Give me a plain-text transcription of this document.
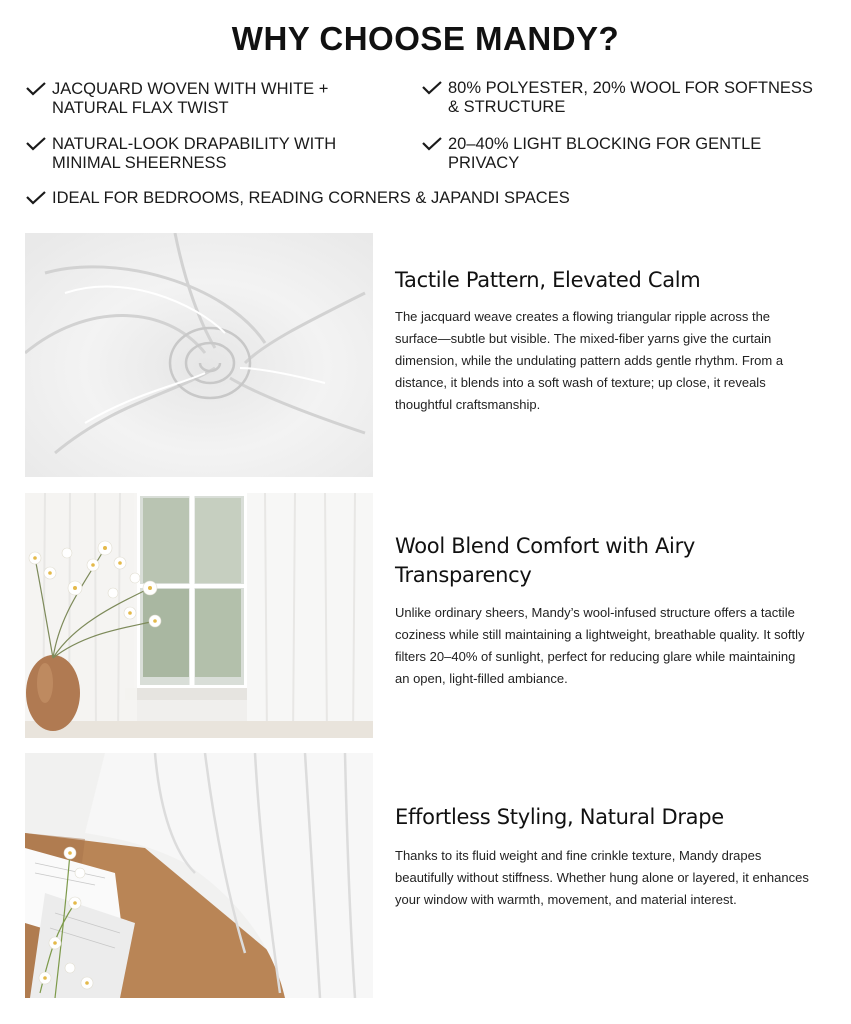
WHY CHOOSE MANDY?
JACQUARD WOVEN WITH WHITE + NATURAL FLAX TWIST
80% POLYESTER, 20% WOOL FOR SOFTNESS & STRUCTURE
NATURAL-LOOK DRAPABILITY WITH MINIMAL SHEERNESS
20–40% LIGHT BLOCKING FOR GENTLE PRIVACY
IDEAL FOR BEDROOMS, READING CORNERS & JAPANDI SPACES
Tactile Pattern, Elevated Calm
The jacquard weave creates a flowing triangular ripple across the surface—subtle but visible. The mixed-fiber yarns give the curtain dimension, while the undulating pattern adds gentle rhythm. From a distance, it blends into a soft wash of texture; up close, it reveals thoughtful craftsmanship.
Wool Blend Comfort with Airy Transparency
Unlike ordinary sheers, Mandy’s wool-infused structure offers a tactile coziness while still maintaining a lightweight, breathable quality. It softly filters 20–40% of sunlight, perfect for reducing glare while maintaining an open, light-filled ambiance.
Effortless Styling, Natural Drape
Thanks to its fluid weight and fine crinkle texture, Mandy drapes beautifully without stiffness. Whether hung alone or layered, it enhances your window with warmth, movement, and material interest.
